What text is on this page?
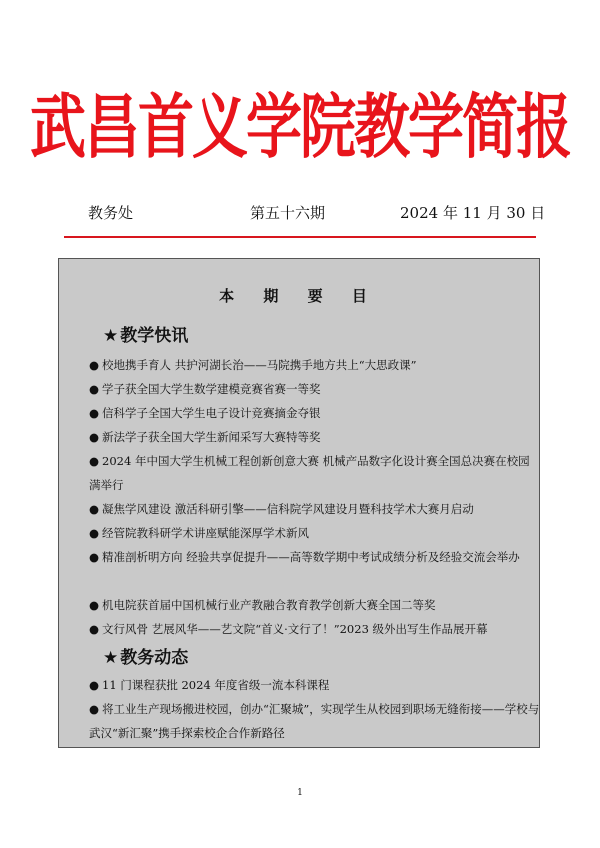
武昌首义学院教学简报
教务处	第五十六期	2024 年 11 月 30 日
本 期 要 目
★ 教学快讯
● 校地携手育人 共护河湖长治——马院携手地方共上“大思政课”
● 学子获全国大学生数学建模竞赛省赛一等奖
● 信科学子全国大学生电子设计竞赛摘金夺银
● 新法学子获全国大学生新闻采写大赛特等奖
● 2024 年中国大学生机械工程创新创意大赛 机械产品数字化设计赛全国总决赛在校园满举行
● 凝焦学风建设 激活科研引擎——信科院学风建设月暨科技学术大赛月启动
● 经管院教科研学术讲座赋能深厚学术新风
● 精准剖析明方向 经验共享促提升——高等数学期中考试成绩分析及经验交流会举办
● 机电院获首届中国机械行业产教融合教育教学创新大赛全国二等奖
● 文行风骨 艺展风华——艺文院“首义·文行了！”2023 级外出写生作品展开幕
★ 教务动态
● 11 门课程获批 2024 年度省级一流本科课程
● 将工业生产现场搬进校园，创办“汇聚城”，实现学生从校园到职场无缝衔接——学校与武汉“新汇聚”携手探索校企合作新路径
1
